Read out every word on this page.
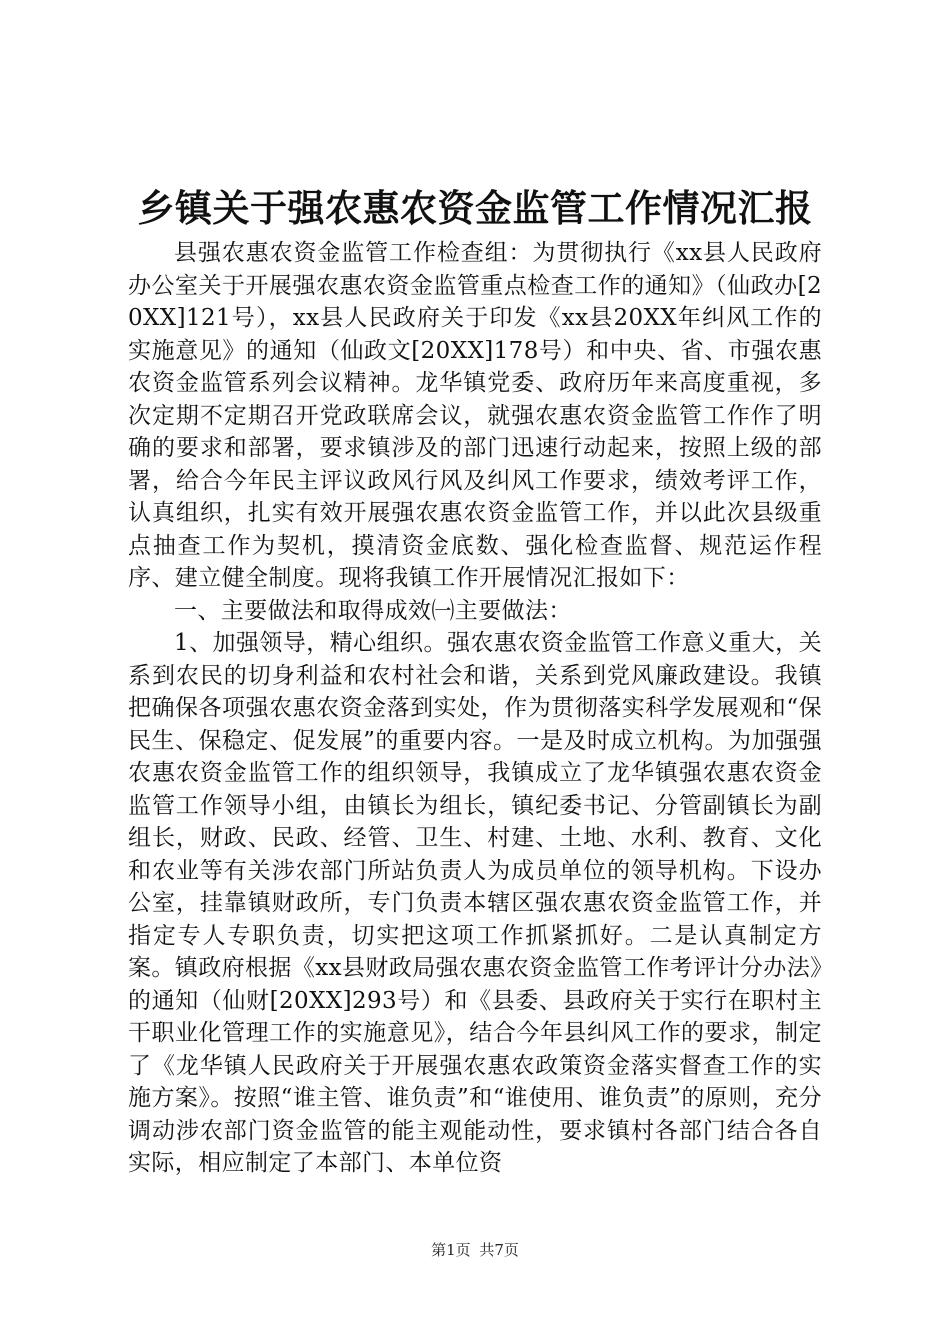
乡镇关于强农惠农资金监管工作情况汇报

县强农惠农资金监管工作检查组：为贯彻执行《xx县人民政府办公室关于开展强农惠农资金监管重点检查工作的通知》（仙政办[20XX]121号），xx县人民政府关于印发《xx县20XX年纠风工作的实施意见》的通知（仙政文[20XX]178号）和中央、省、市强农惠农资金监管系列会议精神。龙华镇党委、政府历年来高度重视，多次定期不定期召开党政联席会议，就强农惠农资金监管工作作了明确的要求和部署，要求镇涉及的部门迅速行动起来，按照上级的部署，给合今年民主评议政风行风及纠风工作要求，绩效考评工作，认真组织，扎实有效开展强农惠农资金监管工作，并以此次县级重点抽查工作为契机，摸清资金底数、强化检查监督、规范运作程序、建立健全制度。现将我镇工作开展情况汇报如下：

一、主要做法和取得成效㈠主要做法：

1、加强领导，精心组织。强农惠农资金监管工作意义重大，关系到农民的切身利益和农村社会和谐，关系到党风廉政建设。我镇把确保各项强农惠农资金落到实处，作为贯彻落实科学发展观和“保民生、保稳定、促发展”的重要内容。一是及时成立机构。为加强强农惠农资金监管工作的组织领导，我镇成立了龙华镇强农惠农资金监管工作领导小组，由镇长为组长，镇纪委书记、分管副镇长为副组长，财政、民政、经管、卫生、村建、土地、水利、教育、文化和农业等有关涉农部门所站负责人为成员单位的领导机构。下设办公室，挂靠镇财政所，专门负责本辖区强农惠农资金监管工作，并指定专人专职负责，切实把这项工作抓紧抓好。二是认真制定方案。镇政府根据《xx县财政局强农惠农资金监管工作考评计分办法》的通知（仙财[20XX]293号）和《县委、县政府关于实行在职村主干职业化管理工作的实施意见》，结合今年县纠风工作的要求，制定了《龙华镇人民政府关于开展强农惠农政策资金落实督查工作的实施方案》。按照“谁主管、谁负责”和“谁使用、谁负责”的原则，充分调动涉农部门资金监管的能主观能动性，要求镇村各部门结合各自实际，相应制定了本部门、本单位资

第1页 共7页
